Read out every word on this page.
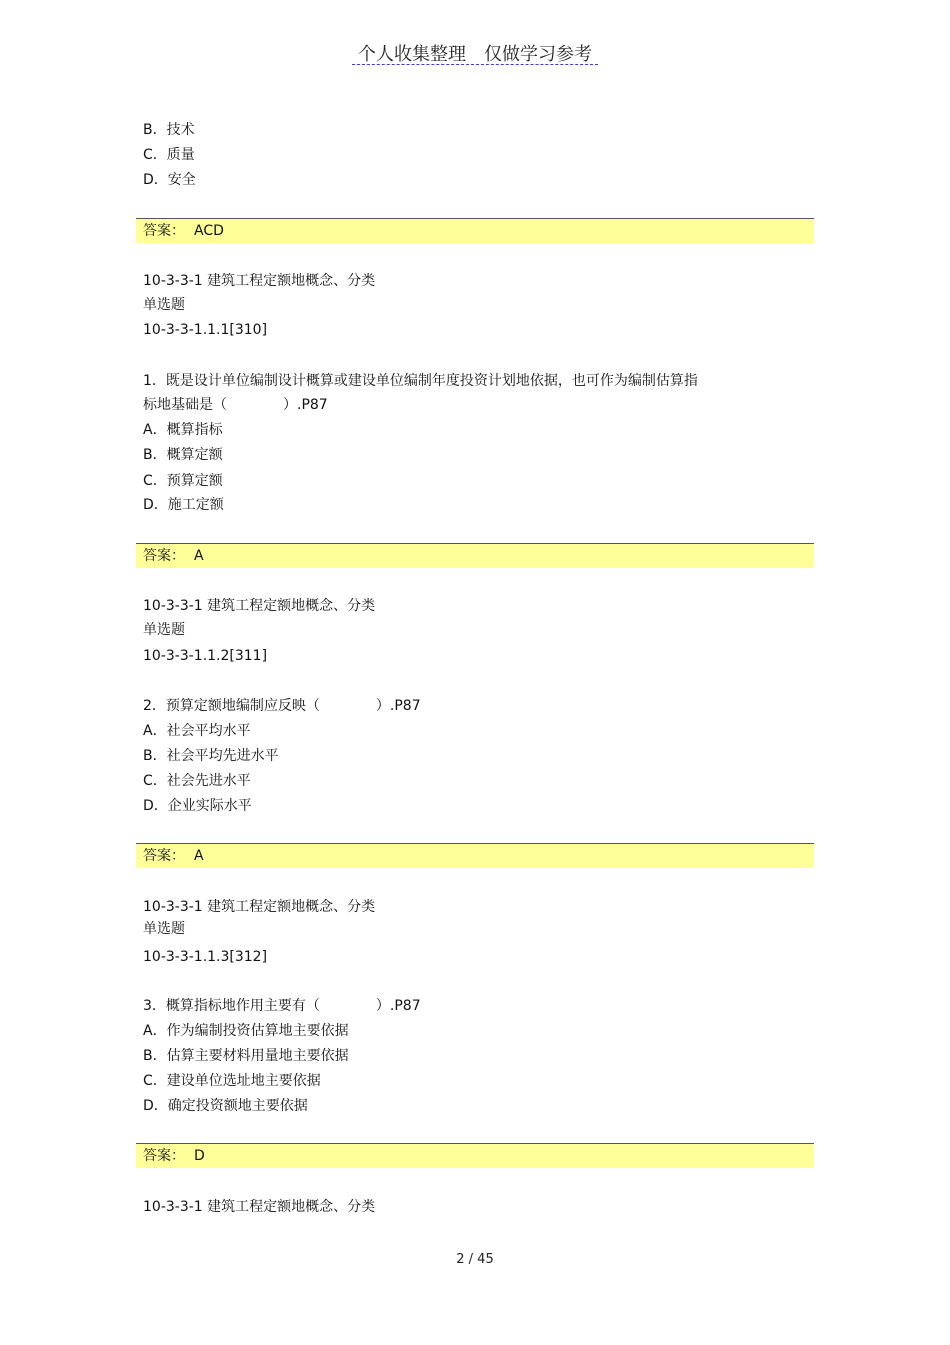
个人收集整理　仅做学习参考
B．技术
C．质量
D．安全
答案： ACD
10-3-3-1 建筑工程定额地概念、分类
单选题
10-3-3-1.1.1[310]
1．既是设计单位编制设计概算或建设单位编制年度投资计划地依据，也可作为编制估算指
标地基础是（　　　　）.P87
A．概算指标
B．概算定额
C．预算定额
D．施工定额
答案： A
10-3-3-1 建筑工程定额地概念、分类
单选题
10-3-3-1.1.2[311]
2．预算定额地编制应反映（　　　　）.P87
A．社会平均水平
B．社会平均先进水平
C．社会先进水平
D．企业实际水平
答案： A
10-3-3-1 建筑工程定额地概念、分类
单选题
10-3-3-1.1.3[312]
3．概算指标地作用主要有（　　　　）.P87
A．作为编制投资估算地主要依据
B．估算主要材料用量地主要依据
C．建设单位选址地主要依据
D．确定投资额地主要依据
答案： D
10-3-3-1 建筑工程定额地概念、分类
2 / 45
